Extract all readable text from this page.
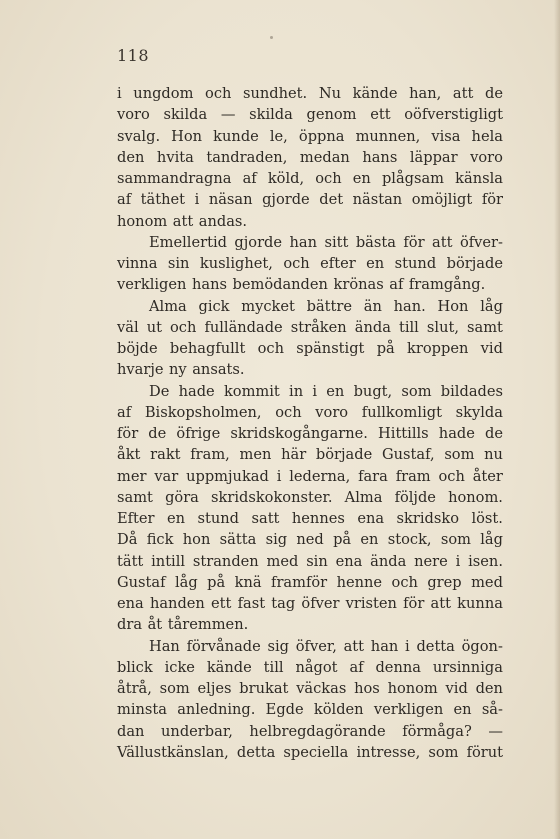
118
i ungdom och sundhet. Nu kände han, att de
voro skilda — skilda genom ett oöfverstigligt
svalg. Hon kunde le, öppna munnen, visa hela
den hvita tandraden, medan hans läppar voro
sammandragna af köld, och en plågsam känsla
af täthet i näsan gjorde det nästan omöjligt för
honom att andas.
Emellertid gjorde han sitt bästa för att öfver-
vinna sin kuslighet, och efter en stund började
verkligen hans bemödanden krönas af framgång.
Alma gick mycket bättre än han. Hon låg
väl ut och fulländade stråken ända till slut, samt
böjde behagfullt och spänstigt på kroppen vid
hvarje ny ansats.
De hade kommit in i en bugt, som bildades
af Biskopsholmen, och voro fullkomligt skylda
för de öfrige skridskogångarne. Hittills hade de
åkt rakt fram, men här började Gustaf, som nu
mer var uppmjukad i lederna, fara fram och åter
samt göra skridskokonster. Alma följde honom.
Efter en stund satt hennes ena skridsko löst.
Då fick hon sätta sig ned på en stock, som låg
tätt intill stranden med sin ena ända nere i isen.
Gustaf låg på knä framför henne och grep med
ena handen ett fast tag öfver vristen för att kunna
dra åt tåremmen.
Han förvånade sig öfver, att han i detta ögon-
blick icke kände till något af denna ursinniga
åtrå, som eljes brukat väckas hos honom vid den
minsta anledning. Egde kölden verkligen en så-
dan underbar, helbregdagörande förmåga? —
Vällustkänslan, detta speciella intresse, som förut
